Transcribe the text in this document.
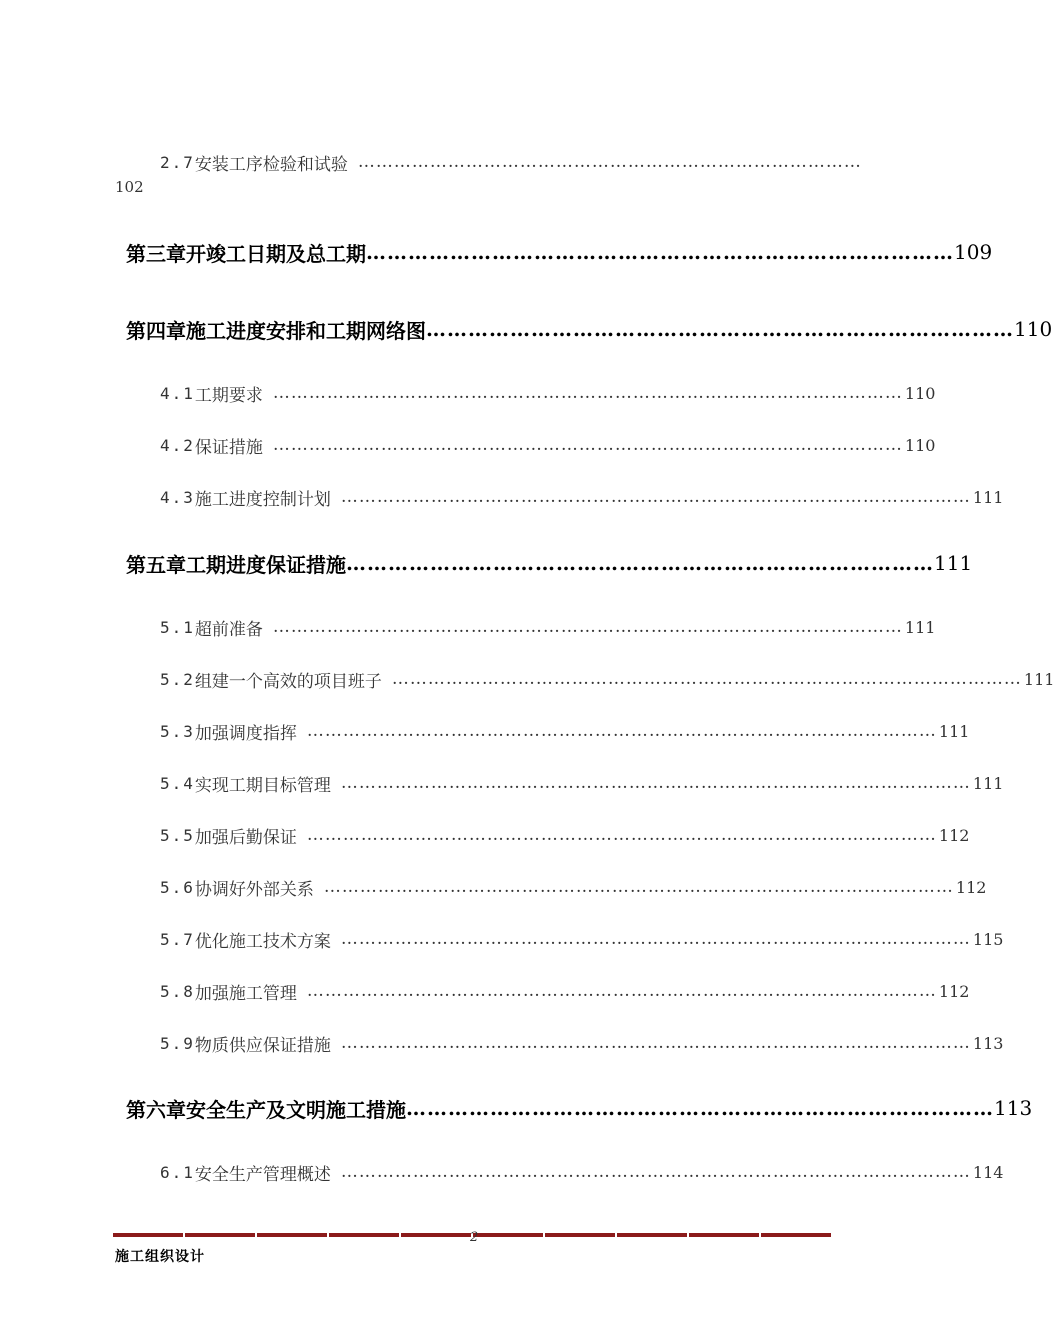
2.7 安装工序检验和试验 …………………………………………………………………………
102
第三章 开竣工日期及总工期 ………………………………………………………………………… 109
第四章 施工进度安排和工期网络图 ………………………………………………………………………… 110
4.1 工期要求 …………………………………………………………………………………………… 110
4.2 保证措施 …………………………………………………………………………………………… 110
4.3 施工进度控制计划 …………………………………………………………………………………………… 111
第五章 工期进度保证措施 ………………………………………………………………………… 111
5.1 超前准备 …………………………………………………………………………………………… 111
5.2 组建一个高效的项目班子 …………………………………………………………………………………………… 111
5.3 加强调度指挥 …………………………………………………………………………………………… 111
5.4 实现工期目标管理 …………………………………………………………………………………………… 111
5.5 加强后勤保证 …………………………………………………………………………………………… 112
5.6 协调好外部关系 …………………………………………………………………………………………… 112
5.7 优化施工技术方案 …………………………………………………………………………………………… 115
5.8 加强施工管理 …………………………………………………………………………………………… 112
5.9 物质供应保证措施 …………………………………………………………………………………………… 113
第六章 安全生产及文明施工措施 ………………………………………………………………………… 113
6.1 安全生产管理概述 …………………………………………………………………………………………… 114
2
施工组织设计
